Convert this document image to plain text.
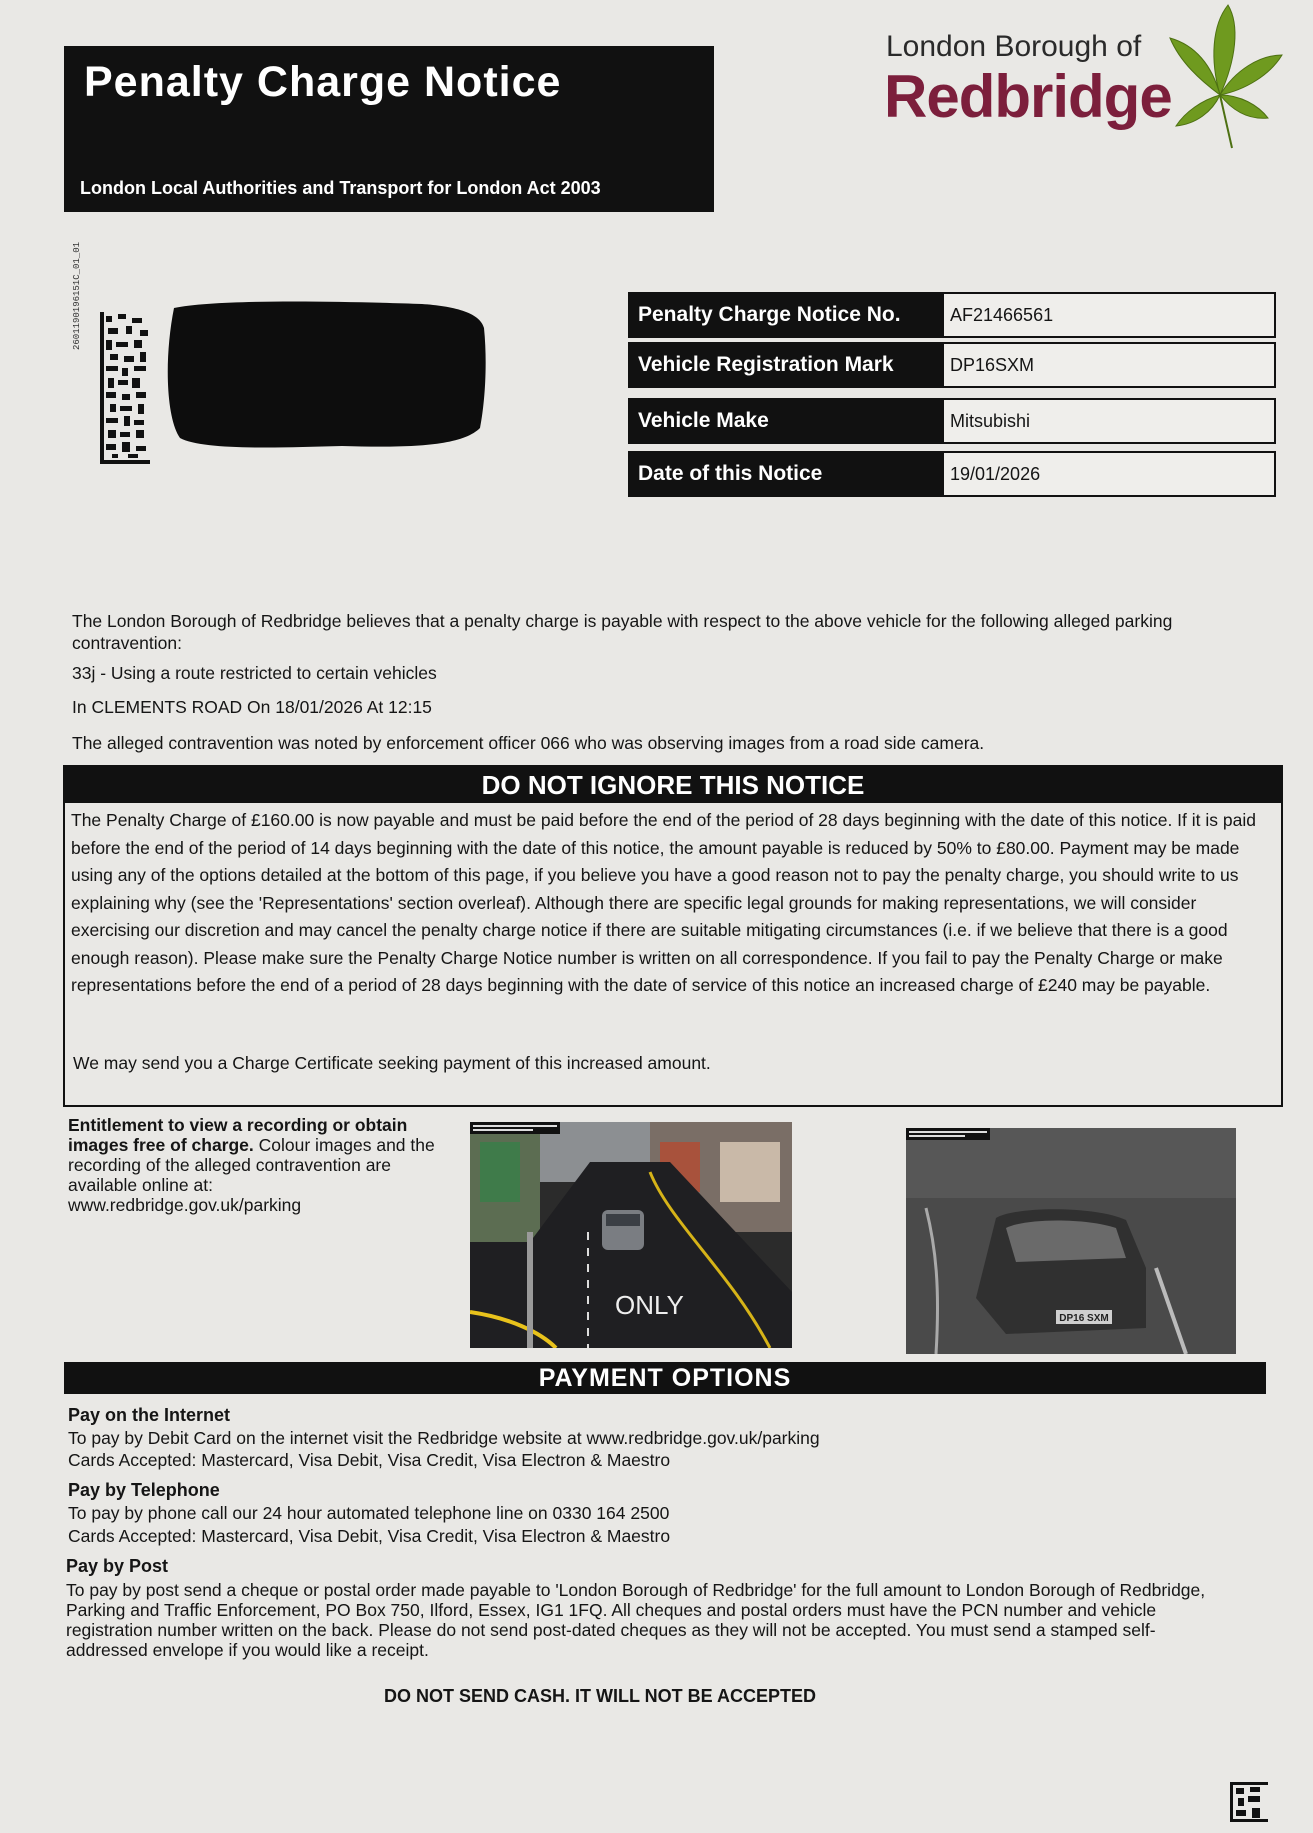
Penalty Charge Notice
London Local Authorities and Transport for London Act 2003
London Borough of
Redbridge
2601190196151C_01_01	Penalty Charge Notice No.	AF21466561
Vehicle Registration Mark	DP16SXM
Vehicle Make	Mitsubishi
Date of this Notice	19/01/2026
The London Borough of Redbridge believes that a penalty charge is payable with respect to the above vehicle for the following alleged parking contravention:
33j - Using a route restricted to certain vehicles
In CLEMENTS ROAD On 18/01/2026 At 12:15
The alleged contravention was noted by enforcement officer 066 who was observing images from a road side camera.
DO NOT IGNORE THIS NOTICE
The Penalty Charge of £160.00 is now payable and must be paid before the end of the period of 28 days beginning with the date of this notice. If it is paid before the end of the period of 14 days beginning with the date of this notice, the amount payable is reduced by 50% to £80.00. Payment may be made using any of the options detailed at the bottom of this page, if you believe you have a good reason not to pay the penalty charge, you should write to us explaining why (see the 'Representations' section overleaf). Although there are specific legal grounds for making representations, we will consider exercising our discretion and may cancel the penalty charge notice if there are suitable mitigating circumstances (i.e. if we believe that there is a good enough reason). Please make sure the Penalty Charge Notice number is written on all correspondence. If you fail to pay the Penalty Charge or make representations before the end of a period of 28 days beginning with the date of service of this notice an increased charge of £240 may be payable.
We may send you a Charge Certificate seeking payment of this increased amount.
Entitlement to view a recording or obtain images free of charge. Colour images and the recording of the alleged contravention are available online at:
www.redbridge.gov.uk/parking
ONLY	DP16 SXM
PAYMENT OPTIONS
Pay on the Internet
To pay by Debit Card on the internet visit the Redbridge website at www.redbridge.gov.uk/parking
Cards Accepted: Mastercard, Visa Debit, Visa Credit, Visa Electron & Maestro
Pay by Telephone
To pay by phone call our 24 hour automated telephone line on 0330 164 2500
Cards Accepted: Mastercard, Visa Debit, Visa Credit, Visa Electron & Maestro
Pay by Post
To pay by post send a cheque or postal order made payable to 'London Borough of Redbridge' for the full amount to London Borough of Redbridge, Parking and Traffic Enforcement, PO Box 750, Ilford, Essex, IG1 1FQ. All cheques and postal orders must have the PCN number and vehicle registration number written on the back. Please do not send post-dated cheques as they will not be accepted. You must send a stamped self-addressed envelope if you would like a receipt.
DO NOT SEND CASH. IT WILL NOT BE ACCEPTED
